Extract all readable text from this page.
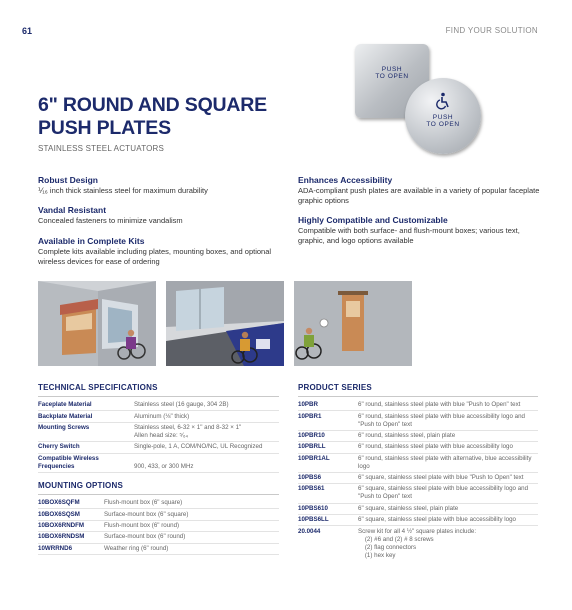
61	FIND YOUR SOLUTION
PUSH
TO OPEN
PUSH
TO OPEN
6" ROUND AND SQUARE
PUSH PLATES
STAINLESS STEEL ACTUATORS
Robust Design

⅟₁₆ inch thick stainless steel for maximum durability

Vandal Resistant

Concealed fasteners to minimize vandalism

Available in Complete Kits

Complete kits available including plates, mounting boxes, and optional wireless devices for ease of ordering

Enhances Accessibility

ADA-compliant push plates are available in a variety of popular faceplate graphic options

Highly Compatible and Customizable

Compatible with both surface- and flush-mount boxes; various text, graphic, and logo options available

TECHNICAL SPECIFICATIONS
Faceplate Material	Stainless steel (16 gauge, 304 2B)
Backplate Material	Aluminum (⅛" thick)
Mounting Screws	Stainless steel, 6-32 × 1" and 8-32 × 1"
Allen head size: ⁵⁄₆₄
Cherry Switch	Single-pole, 1 A, COM/NO/NC, UL Recognized
Compatible Wireless
Frequencies	900, 433, or 300 MHz
MOUNTING OPTIONS
10BOX6SQFM	Flush-mount box (6" square)
10BOX6SQSM	Surface-mount box (6" square)
10BOX6RNDFM	Flush-mount box (6" round)
10BOX6RNDSM	Surface-mount box (6" round)
10WRRND6	Weather ring (6" round)
PRODUCT SERIES
10PBR	6" round, stainless steel plate with blue "Push to Open" text
10PBR1	6" round, stainless steel plate with blue accessibility logo and
"Push to Open" text
10PBR10	6" round, stainless steel, plain plate
10PBRLL	6" round, stainless steel plate with blue accessibility logo
10PBR1AL	6" round, stainless steel plate with alternative, blue accessibility
logo
10PBS6	6" square, stainless steel plate with blue "Push to Open" text
10PBS61	6" square, stainless steel plate with blue accessibility logo and
"Push to Open" text
10PBS610	6" square, stainless steel, plain plate
10PBS6LL	6" square, stainless steel plate with blue accessibility logo
20.0044	Screw kit for all 4 ½" square plates include:
(2) #6 and (2) # 8 screws
(2) flag connectors
(1) hex key
